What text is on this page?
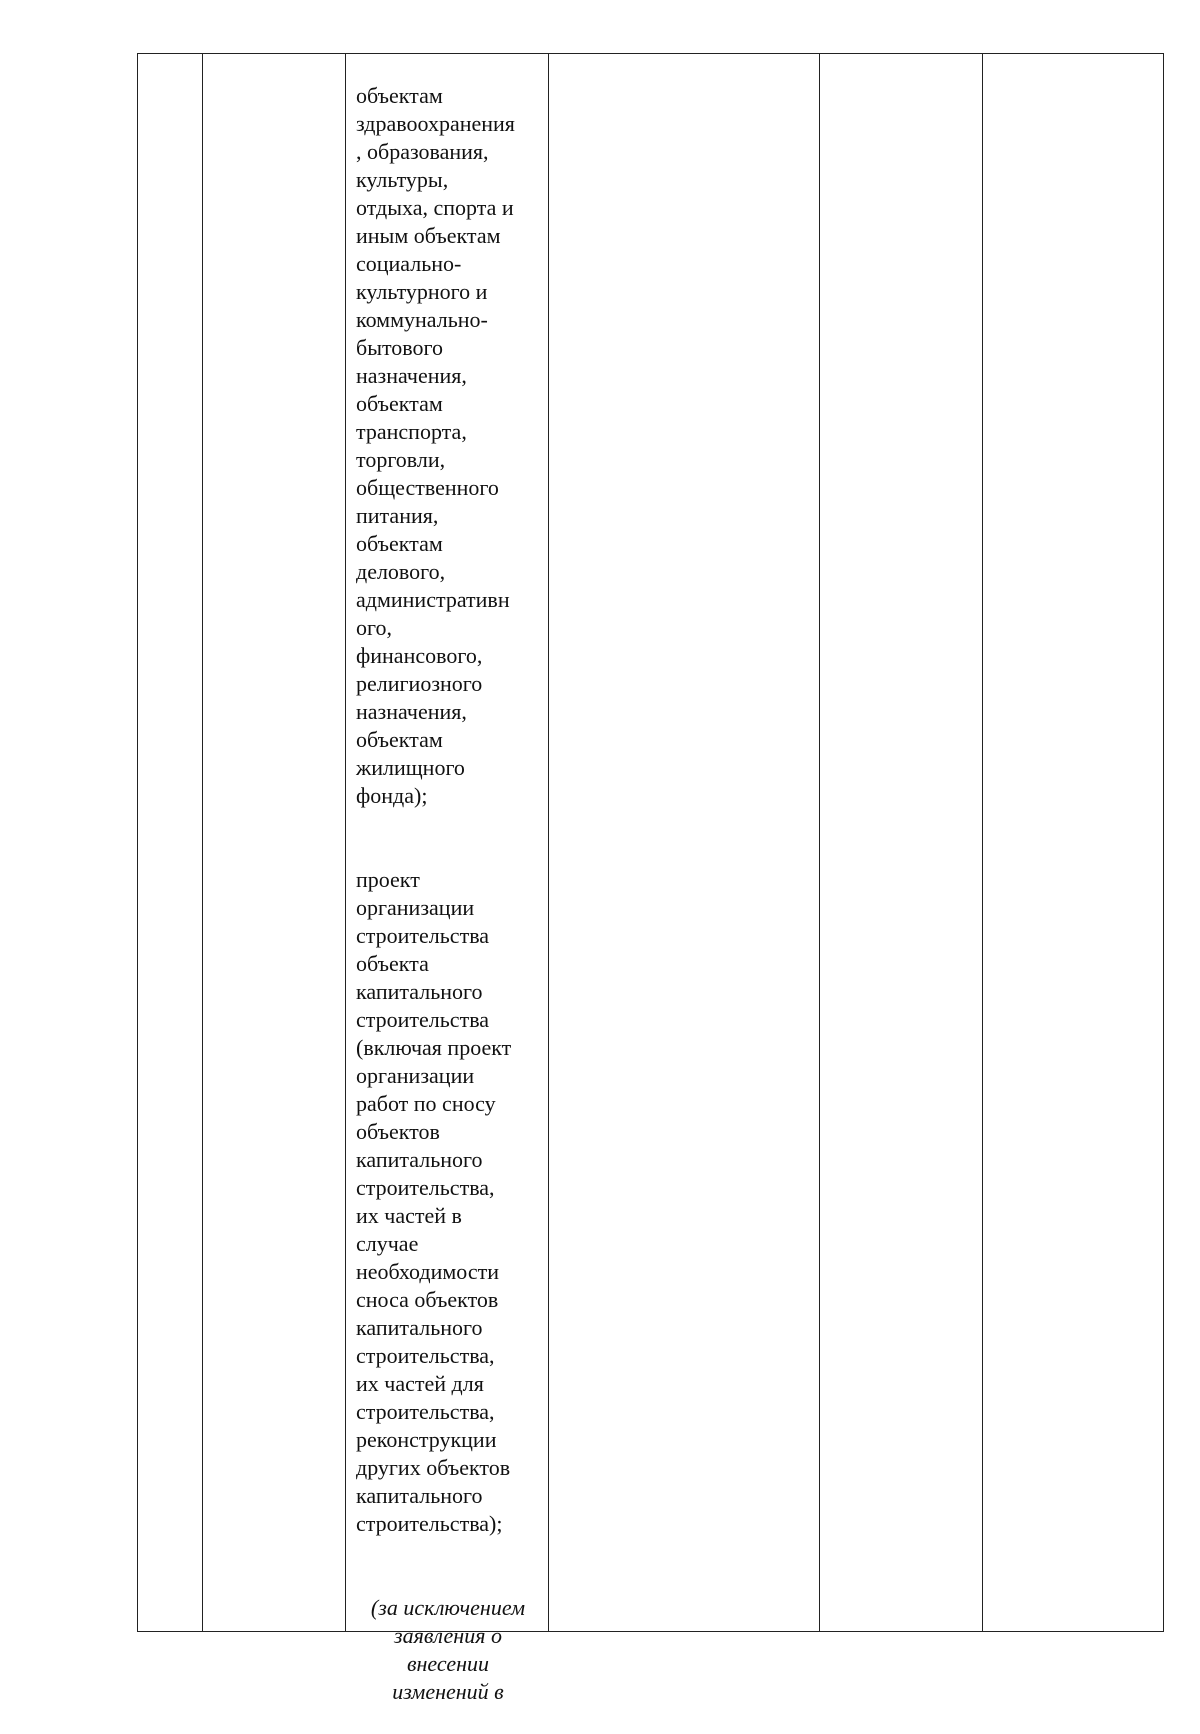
объектам
здравоохранения
, образования,
культуры,
отдыха, спорта и
иным объектам
социально-
культурного и
коммунально-
бытового
назначения,
объектам
транспорта,
торговли,
общественного
питания,
объектам
делового,
административн
ого,
финансового,
религиозного
назначения,
объектам
жилищного
фонда);

проект
организации
строительства
объекта
капитального
строительства
(включая проект
организации
работ по сносу
объектов
капитального
строительства,
их частей в
случае
необходимости
сноса объектов
капитального
строительства,
их частей для
строительства,
реконструкции
других объектов
капитального
строительства);

(за исключением
заявления о
внесении
изменений в
